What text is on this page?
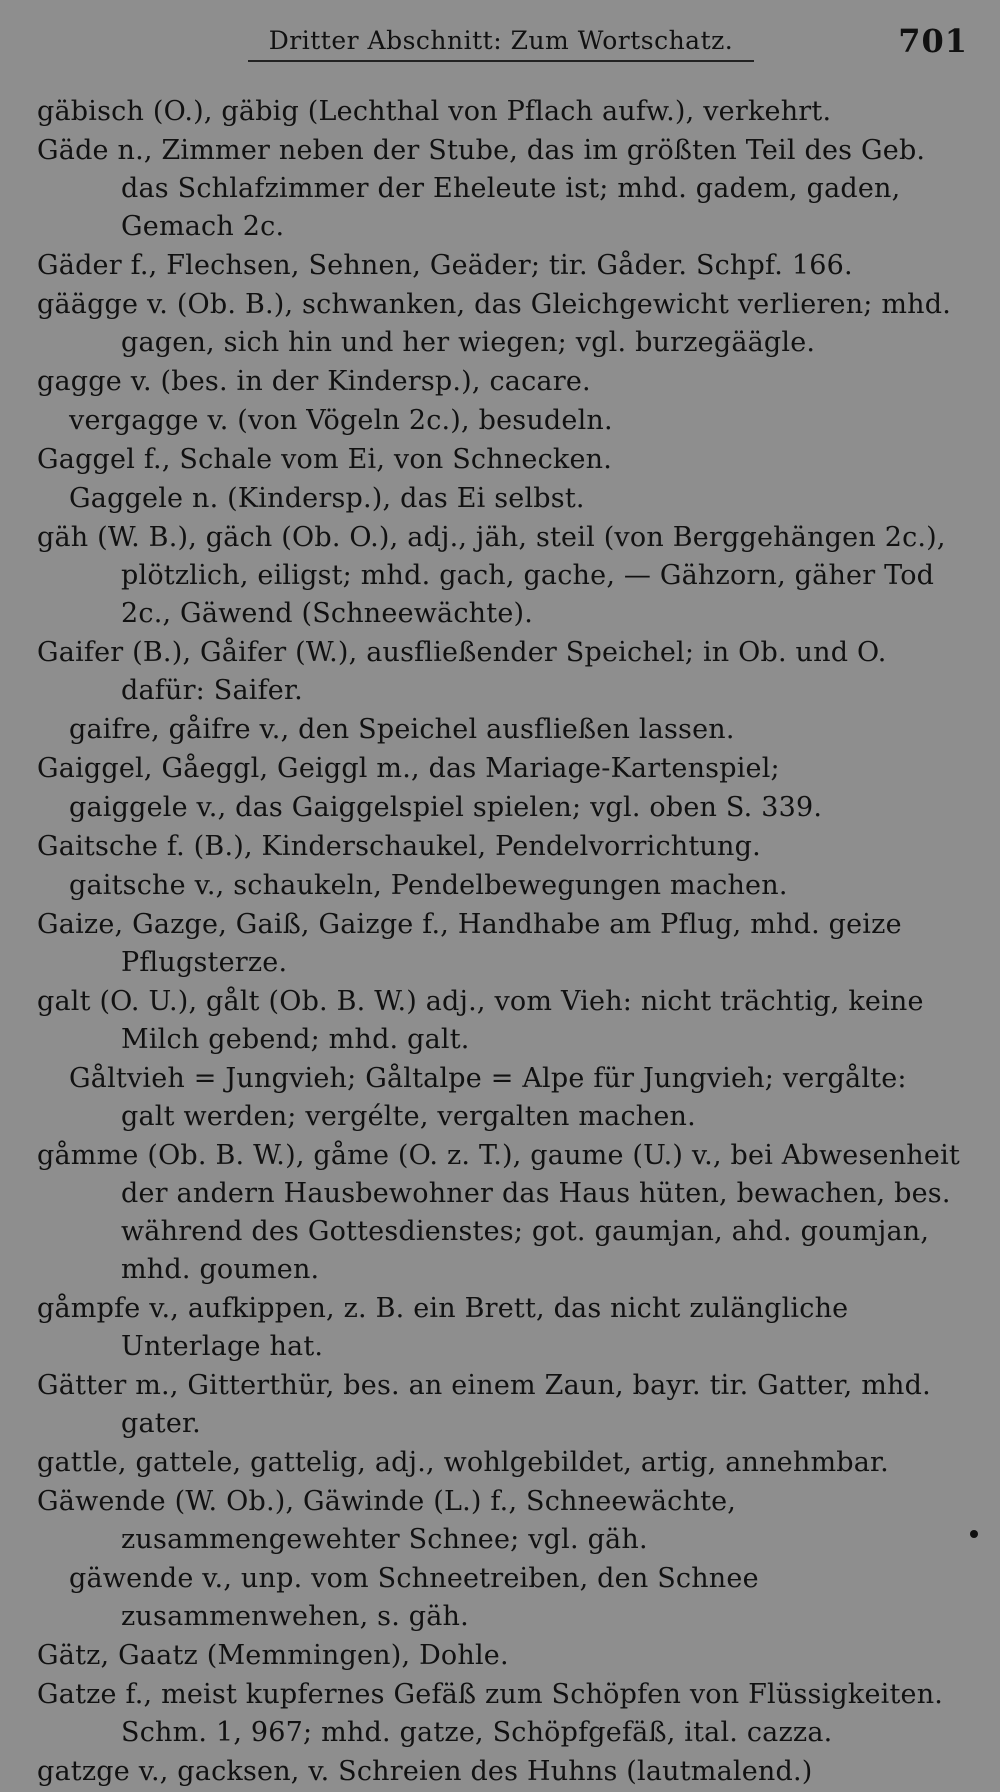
Dritter Abschnitt: Zum Wortschatz.	701

gäbisch (O.), gäbig (Lechthal von Pflach aufw.), verkehrt.

Gäde n., Zimmer neben der Stube, das im größten Teil des Geb. das Schlafzimmer der Eheleute ist; mhd. gadem, gaden, Gemach 2c.

Gäder f., Flechsen, Sehnen, Geäder; tir. Gåder. Schpf. 166.

gäägge v. (Ob. B.), schwanken, das Gleichgewicht verlieren; mhd. gagen, sich hin und her wiegen; vgl. burzegäägle.

gagge v. (bes. in der Kindersp.), cacare.

vergagge v. (von Vögeln 2c.), besudeln.

Gaggel f., Schale vom Ei, von Schnecken.

Gaggele n. (Kindersp.), das Ei selbst.

gäh (W. B.), gäch (Ob. O.), adj., jäh, steil (von Berggehängen 2c.), plötzlich, eiligst; mhd. gach, gache, — Gähzorn, gäher Tod 2c., Gäwend (Schneewächte).

Gaifer (B.), Gåifer (W.), ausfließender Speichel; in Ob. und O. dafür: Saifer.

gaifre, gåifre v., den Speichel ausfließen lassen.

Gaiggel, Gåeggl, Geiggl m., das Mariage-Kartenspiel;

gaiggele v., das Gaiggelspiel spielen; vgl. oben S. 339.

Gaitsche f. (B.), Kinderschaukel, Pendelvorrichtung.

gaitsche v., schaukeln, Pendelbewegungen machen.

Gaize, Gazge, Gaiß, Gaizge f., Handhabe am Pflug, mhd. geize Pflugsterze.

galt (O. U.), gålt (Ob. B. W.) adj., vom Vieh: nicht trächtig, keine Milch gebend; mhd. galt.

Gåltvieh = Jungvieh; Gåltalpe = Alpe für Jungvieh; vergålte: galt werden; vergélte, vergalten machen.

gåmme (Ob. B. W.), gåme (O. z. T.), gaume (U.) v., bei Abwesenheit der andern Hausbewohner das Haus hüten, bewachen, bes. während des Gottesdienstes; got. gaumjan, ahd. goumjan, mhd. goumen.

gåmpfe v., aufkippen, z. B. ein Brett, das nicht zulängliche Unterlage hat.

Gätter m., Gitterthür, bes. an einem Zaun, bayr. tir. Gatter, mhd. gater.

gattle, gattele, gattelig, adj., wohlgebildet, artig, annehmbar.

Gäwende (W. Ob.), Gäwinde (L.) f., Schneewächte, zusammengewehter Schnee; vgl. gäh.

gäwende v., unp. vom Schneetreiben, den Schnee zusammenwehen, s. gäh.

Gätz, Gaatz (Memmingen), Dohle.

Gatze f., meist kupfernes Gefäß zum Schöpfen von Flüssigkeiten. Schm. 1, 967; mhd. gatze, Schöpfgefäß, ital. cazza.

gatzge v., gacksen, v. Schreien des Huhns (lautmalend.)
